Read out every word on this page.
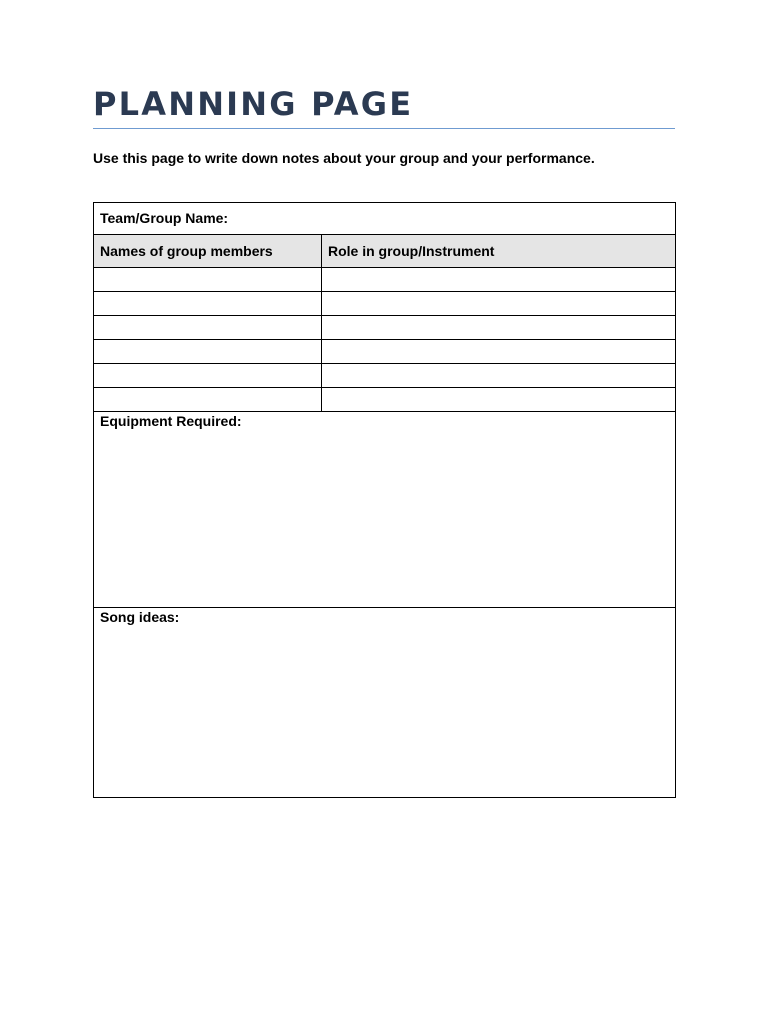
PLANNING PAGE

Use this page to write down notes about your group and your performance.

Team/Group Name:	
Names of group members	Role in group/Instrument

Equipment Required:	
Song ideas:	
